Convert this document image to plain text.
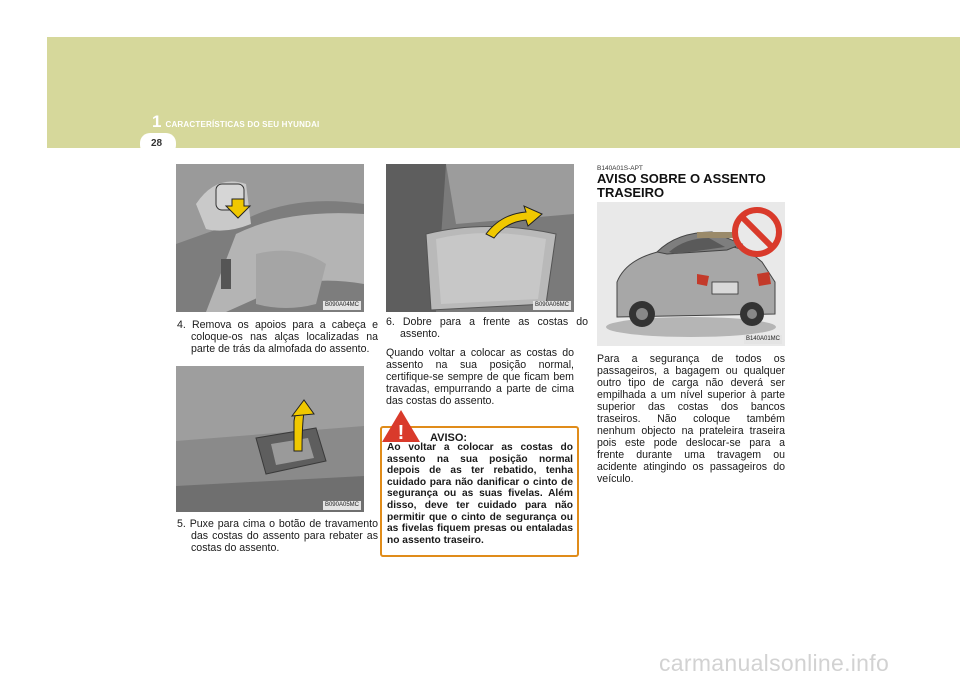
1 CARACTERÍSTICAS DO SEU HYUNDAI
28
B090A04MC
4. Remova os apoios para a cabeça e coloque-os nas alças localizadas na parte de trás da almofada do assento.
B090A05MC
5. Puxe para cima o botão de travamento das costas do assento para rebater as costas do assento.
B090A06MC
6. Dobre para a frente as costas do assento.
Quando voltar a colocar as costas do assento na sua posição normal, certifique-se sempre de que ficam bem travadas, empurrando a parte de cima das costas do assento.
Ao voltar a colocar as costas do assento na sua posição normal depois de as ter rebatido, tenha cuidado para não danificar o cinto de segurança ou as suas fivelas. Além disso, deve ter cuidado para não permitir que o cinto de segurança ou as fivelas fiquem presas ou entaladas no assento traseiro.
! AVISO:
B140A01S-APT
AVISO SOBRE O ASSENTO TRASEIRO
B140A01MC
Para a segurança de todos os passageiros, a bagagem ou qualquer outro tipo de carga não deverá ser empilhada a um nível superior à parte superior das costas dos bancos traseiros. Não coloque também nenhum objecto na prateleira traseira pois este pode deslocar-se para a frente durante uma travagem ou acidente atingindo os passageiros do veículo.
carmanualsonline.info
